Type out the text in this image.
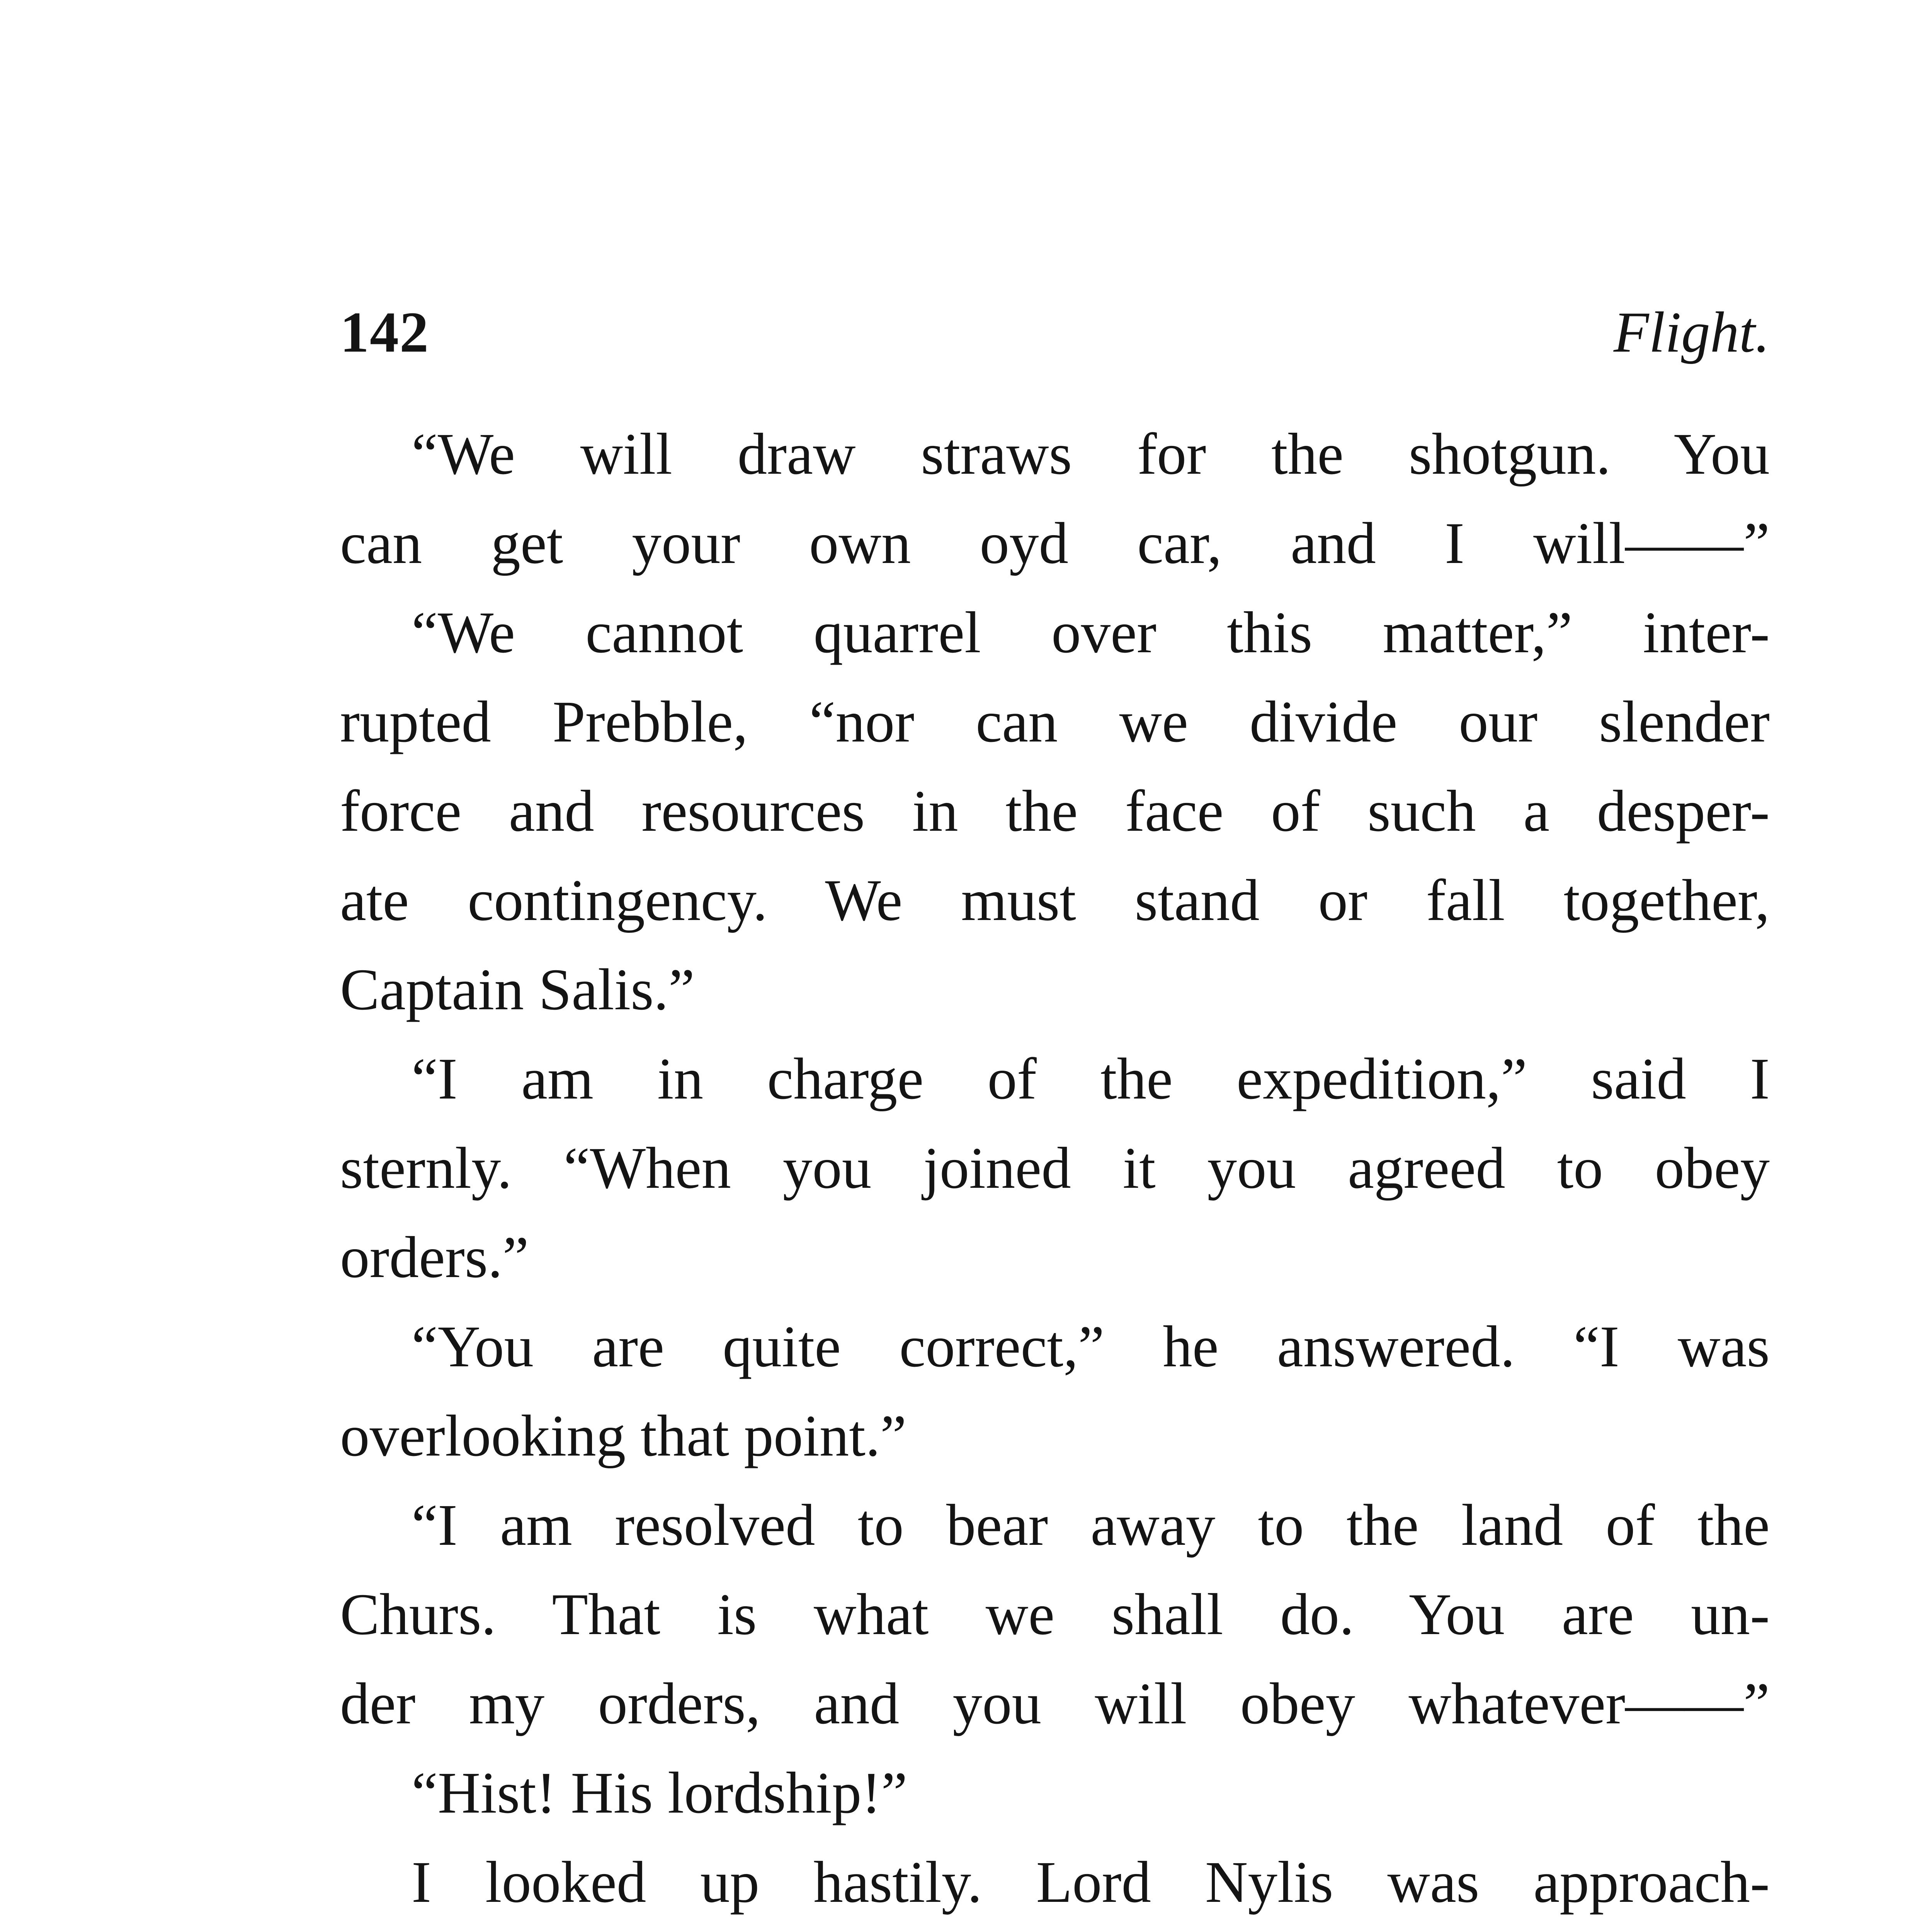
142	Flight.
“We will draw straws for the shotgun. You
can get your own oyd car, and I will——”
“We cannot quarrel over this matter,” inter-
rupted Prebble, “nor can we divide our slender
force and resources in the face of such a desper-
ate contingency. We must stand or fall together,
Captain Salis.”
“I am in charge of the expedition,” said I
sternly. “When you joined it you agreed to obey
orders.”
“You are quite correct,” he answered. “I was
overlooking that point.”
“I am resolved to bear away to the land of the
Churs. That is what we shall do. You are un-
der my orders, and you will obey whatever——”
“Hist! His lordship!”
I looked up hastily. Lord Nylis was approach-
